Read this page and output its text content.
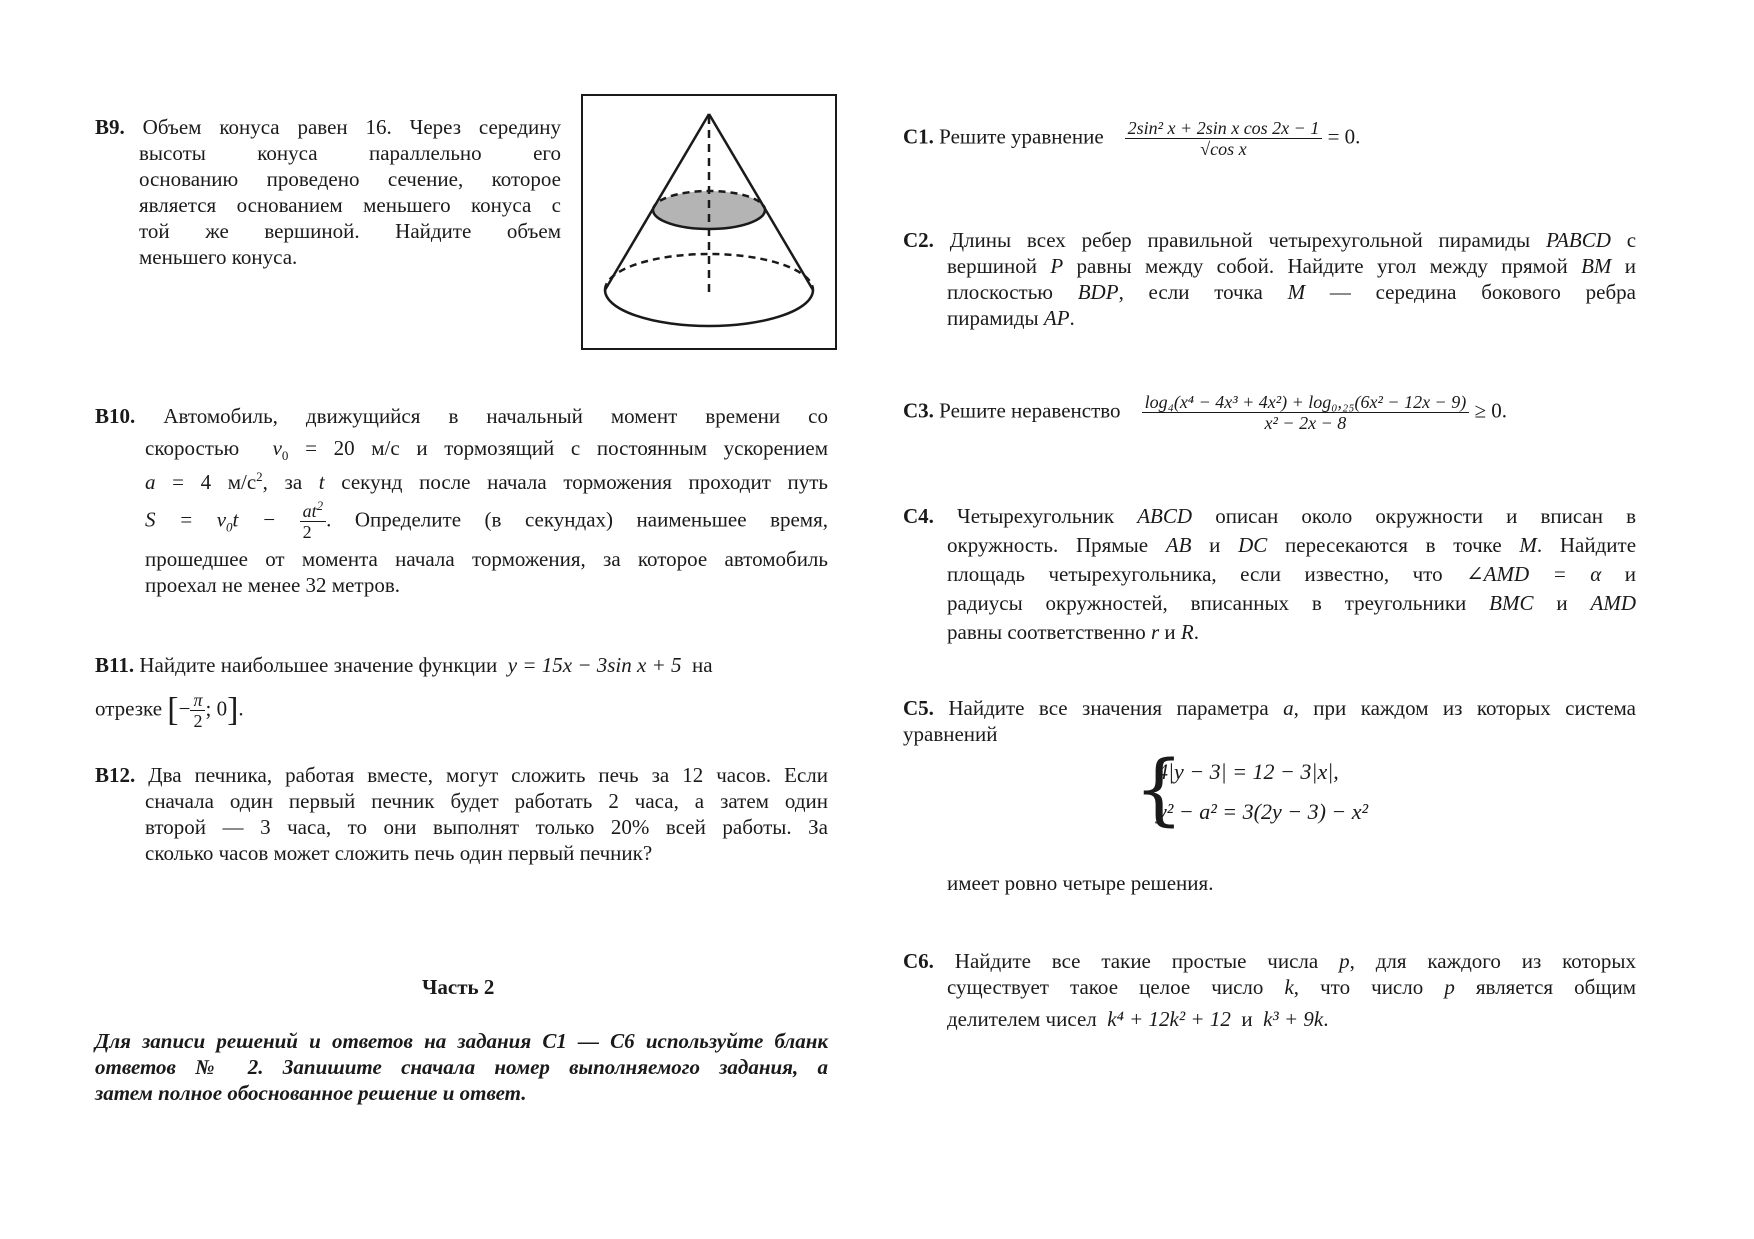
В9. Объем конуса равен 16. Через середину
высоты конуса параллельно его
основанию проведено сечение, которое
является основанием меньшего конуса с
той же вершиной. Найдите объем
меньшего конуса.
В10. Автомобиль, движущийся в начальный момент времени со
скоростью $v_0 = 20$ м/с и тормозящий с постоянным ускорением
a = 4 $м/с^2$, за t секунд после начала торможения проходит путь
$S = v_0t - \frac{at^2}{2}$ . Определите (в секундах) наименьшее время,
прошедшее от момента начала торможения, за которое автомобиль
проехал не менее 32 метров.
В11. Найдите наибольшее значение функции y = 15x − 3sin x + 5 на
отрезке [− $\frac{\pi}{2}$ ; 0].
В12. Два печника, работая вместе, могут сложить печь за 12 часов. Если
сначала один первый печник будет работать 2 часа, а затем один
второй — 3 часа, то они выполнят только 20% всей работы. За
сколько часов может сложить печь один первый печник?
Часть 2
Для записи решений и ответов на задания С1 — С6 используйте бланк
ответов № 2. Запишите сначала номер выполняемого задания, а
затем полное обоснованное решение и ответ.
С1. Решите уравнение $\frac{\text{2sin² x + 2sin x cos 2x − 1}}{\text{√cos x}} = 0$.
С2. Длины всех ребер правильной четырехугольной пирамиды PABCD с
вершиной P равны между собой. Найдите угол между прямой BM и
плоскостью BDP, если точка M — середина бокового ребра
пирамиды AP.
С3. Решите неравенство $\frac{\text{log₄(x⁴ − 4x³ + 4x²) + log₀,₂₅(6x² − 12x − 9)}}{\text{x² − 2x − 8}} \ge 0$.
С4. Четырехугольник ABCD описан около окружности и вписан в
окружность. Прямые AB и DC пересекаются в точке M. Найдите
площадь четырехугольника, если известно, что ∠AMD = α и
радиусы окружностей, вписанных в треугольники BMC и AMD
равны соответственно r и R.
С5. Найдите все значения параметра a, при каждом из которых система
уравнений
{
4|y − 3| = 12 − 3|x|,
y² − a² = 3(2y − 3) − x²
имеет ровно четыре решения.
С6. Найдите все такие простые числа p, для каждого из которых
существует такое целое число k, что число p является общим
делителем чисел k⁴ + 12k² + 12 и k³ + 9k.
